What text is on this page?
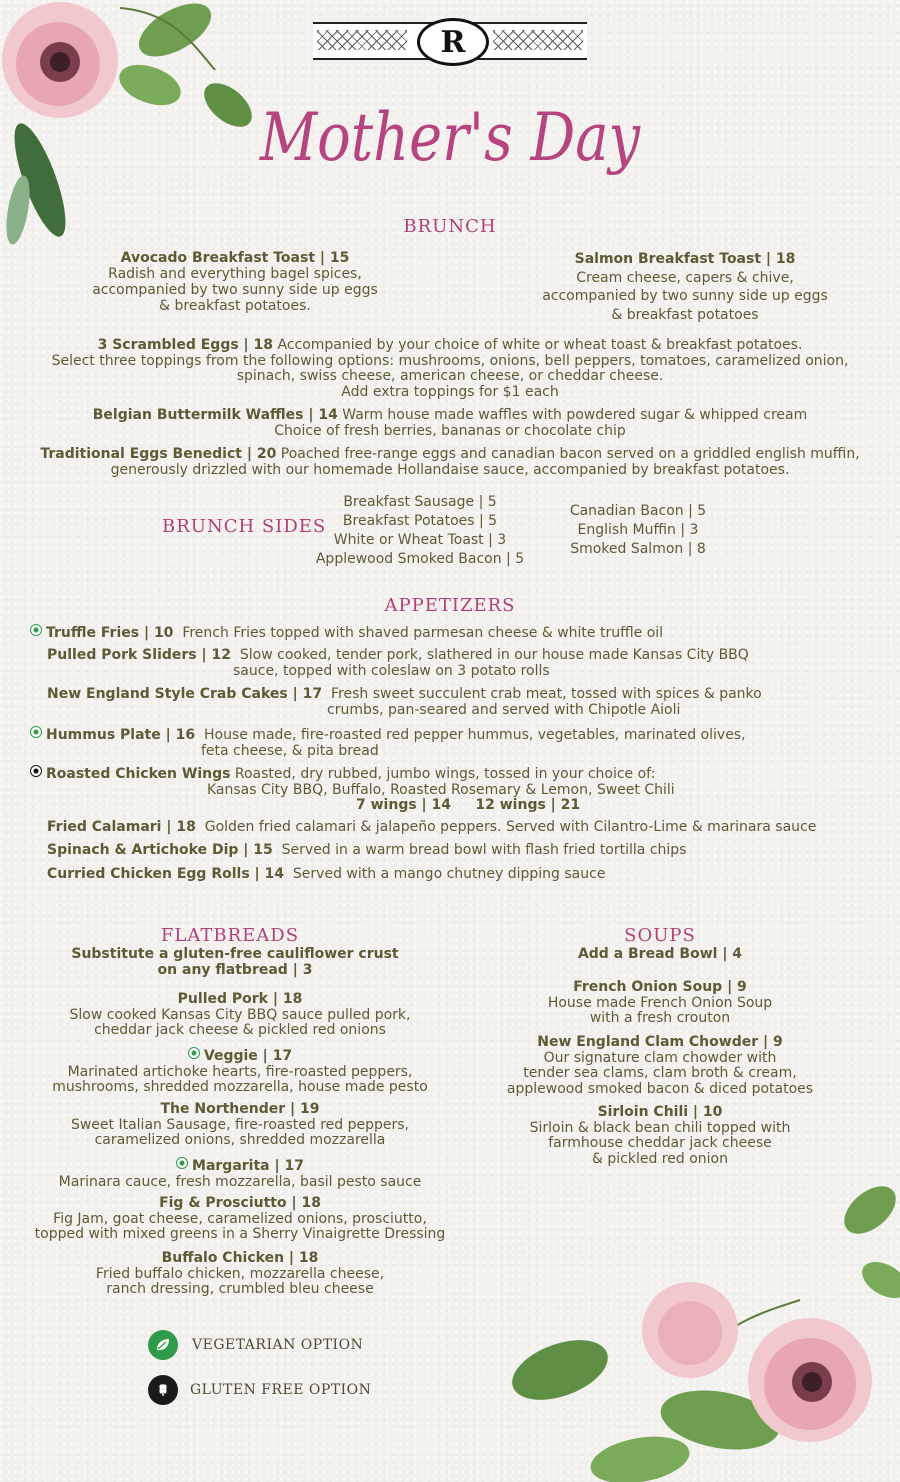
R
Mother's Day
BRUNCH
Avocado Breakfast Toast | 15
Radish and everything bagel spices,
accompanied by two sunny side up eggs
& breakfast potatoes.
Salmon Breakfast Toast | 18
Cream cheese, capers & chive,
accompanied by two sunny side up eggs
& breakfast potatoes
3 Scrambled Eggs | 18 Accompanied by your choice of white or wheat toast & breakfast potatoes.
Select three toppings from the following options: mushrooms, onions, bell peppers, tomatoes, caramelized onion,
spinach, swiss cheese, american cheese, or cheddar cheese.
Add extra toppings for $1 each
Belgian Buttermilk Waffles | 14 Warm house made waffles with powdered sugar & whipped cream
Choice of fresh berries, bananas or chocolate chip
Traditional Eggs Benedict | 20 Poached free-range eggs and canadian bacon served on a griddled english muffin,
generously drizzled with our homemade Hollandaise sauce, accompanied by breakfast potatoes.
BRUNCH SIDES
Breakfast Sausage | 5
Breakfast Potatoes | 5
White or Wheat Toast | 3
Applewood Smoked Bacon | 5
Canadian Bacon | 5
English Muffin | 3
Smoked Salmon | 8
APPETIZERS
Truffle Fries | 10 French Fries topped with shaved parmesan cheese & white truffle oil
Pulled Pork Sliders | 12 Slow cooked, tender pork, slathered in our house made Kansas City BBQ
sauce, topped with coleslaw on 3 potato rolls
New England Style Crab Cakes | 17 Fresh sweet succulent crab meat, tossed with spices & panko
crumbs, pan-seared and served with Chipotle Aioli
Hummus Plate | 16 House made, fire-roasted red pepper hummus, vegetables, marinated olives,
feta cheese, & pita bread
Roasted Chicken Wings Roasted, dry rubbed, jumbo wings, tossed in your choice of:
Kansas City BBQ, Buffalo, Roasted Rosemary & Lemon, Sweet Chili
7 wings | 14 12 wings | 21
Fried Calamari | 18 Golden fried calamari & jalapeño peppers. Served with Cilantro-Lime & marinara sauce
Spinach & Artichoke Dip | 15 Served in a warm bread bowl with flash fried tortilla chips
Curried Chicken Egg Rolls | 14 Served with a mango chutney dipping sauce
FLATBREADS
Substitute a gluten-free cauliflower crust
on any flatbread | 3
Pulled Pork | 18
Slow cooked Kansas City BBQ sauce pulled pork,
cheddar jack cheese & pickled red onions
Veggie | 17
Marinated artichoke hearts, fire-roasted peppers,
mushrooms, shredded mozzarella, house made pesto
The Northender | 19
Sweet Italian Sausage, fire-roasted red peppers,
caramelized onions, shredded mozzarella
Margarita | 17
Marinara cauce, fresh mozzarella, basil pesto sauce
Fig & Prosciutto | 18
Fig Jam, goat cheese, caramelized onions, prosciutto,
topped with mixed greens in a Sherry Vinaigrette Dressing
Buffalo Chicken | 18
Fried buffalo chicken, mozzarella cheese,
ranch dressing, crumbled bleu cheese
SOUPS
Add a Bread Bowl | 4
French Onion Soup | 9
House made French Onion Soup
with a fresh crouton
New England Clam Chowder | 9
Our signature clam chowder with
tender sea clams, clam broth & cream,
applewood smoked bacon & diced potatoes
Sirloin Chili | 10
Sirloin & black bean chili topped with
farmhouse cheddar jack cheese
& pickled red onion
VEGETARIAN OPTION
GLUTEN FREE OPTION
